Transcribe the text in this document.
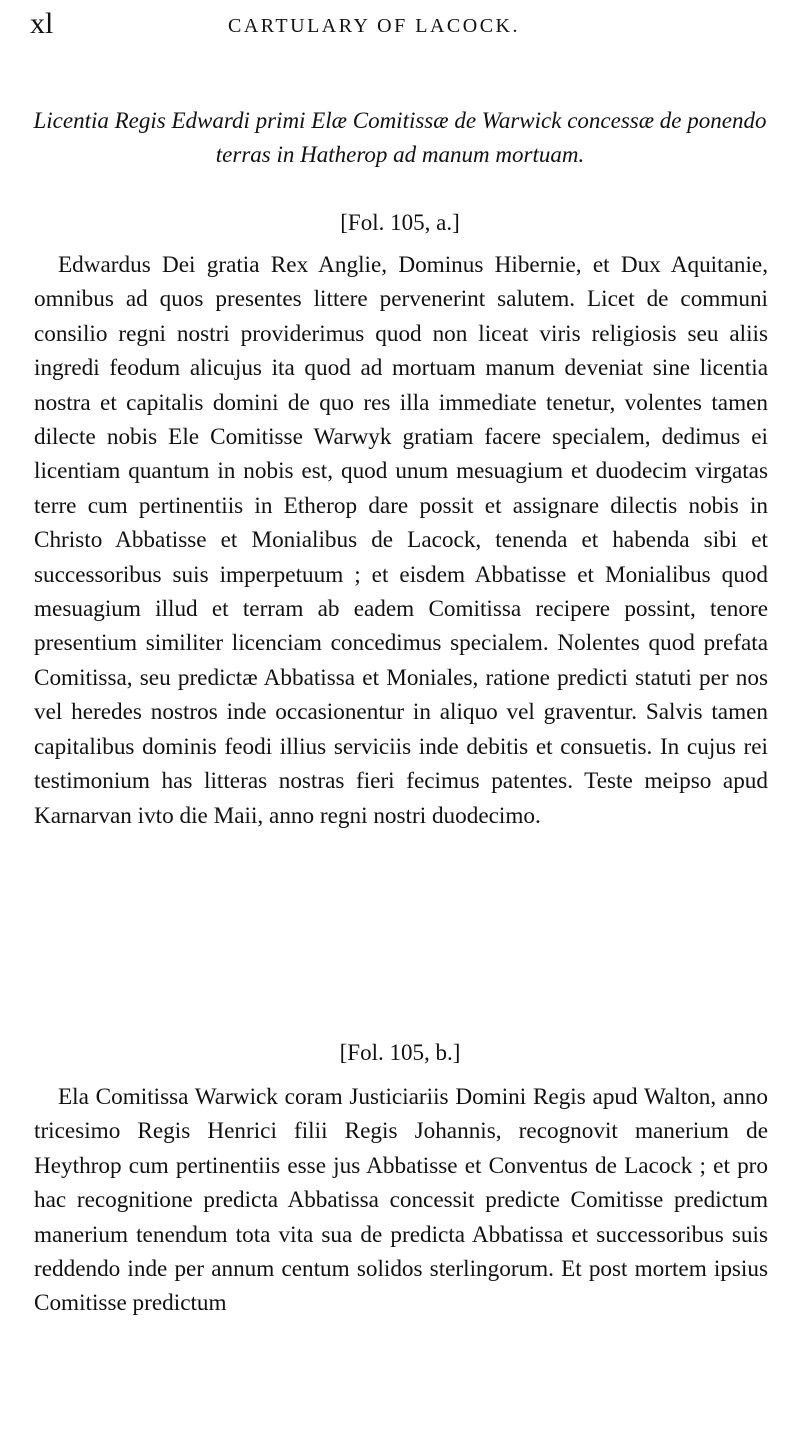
xl	CARTULARY OF LACOCK.
Licentia Regis Edwardi primi Elæ Comitissæ de Warwick concessæ de ponendo terras in Hatherop ad manum mortuam.
[Fol. 105, a.]

Edwardus Dei gratia Rex Anglie, Dominus Hibernie, et Dux Aquitanie, omnibus ad quos presentes littere pervenerint salutem. Licet de communi consilio regni nostri providerimus quod non liceat viris religiosis seu aliis ingredi feodum alicujus ita quod ad mortuam manum deveniat sine licentia nostra et capitalis domini de quo res illa immediate tenetur, volentes tamen dilecte nobis Ele Comitisse Warwyk gratiam facere specialem, dedimus ei licentiam quantum in nobis est, quod unum mesuagium et duodecim virgatas terre cum pertinentiis in Etherop dare possit et assignare dilectis nobis in Christo Abbatisse et Monialibus de Lacock, tenenda et habenda sibi et successoribus suis imperpetuum ; et eisdem Abbatisse et Monialibus quod mesuagium illud et terram ab eadem Comitissa recipere possint, tenore presentium similiter licenciam concedimus specialem. Nolentes quod prefata Comitissa, seu predictæ Abbatissa et Moniales, ratione predicti statuti per nos vel heredes nostros inde occasionentur in aliquo vel graventur. Salvis tamen capitalibus dominis feodi illius serviciis inde debitis et consuetis. In cujus rei testimonium has litteras nostras fieri fecimus patentes. Teste meipso apud Karnarvan ivto die Maii, anno regni nostri duodecimo.

[Fol. 105, b.]

Ela Comitissa Warwick coram Justiciariis Domini Regis apud Walton, anno tricesimo Regis Henrici filii Regis Johannis, recognovit manerium de Heythrop cum pertinentiis esse jus Abbatisse et Conventus de Lacock ; et pro hac recognitione predicta Abbatissa concessit predicte Comitisse predictum manerium tenendum tota vita sua de predicta Abbatissa et successoribus suis reddendo inde per annum centum solidos sterlingorum. Et post mortem ipsius Comitisse predictum
